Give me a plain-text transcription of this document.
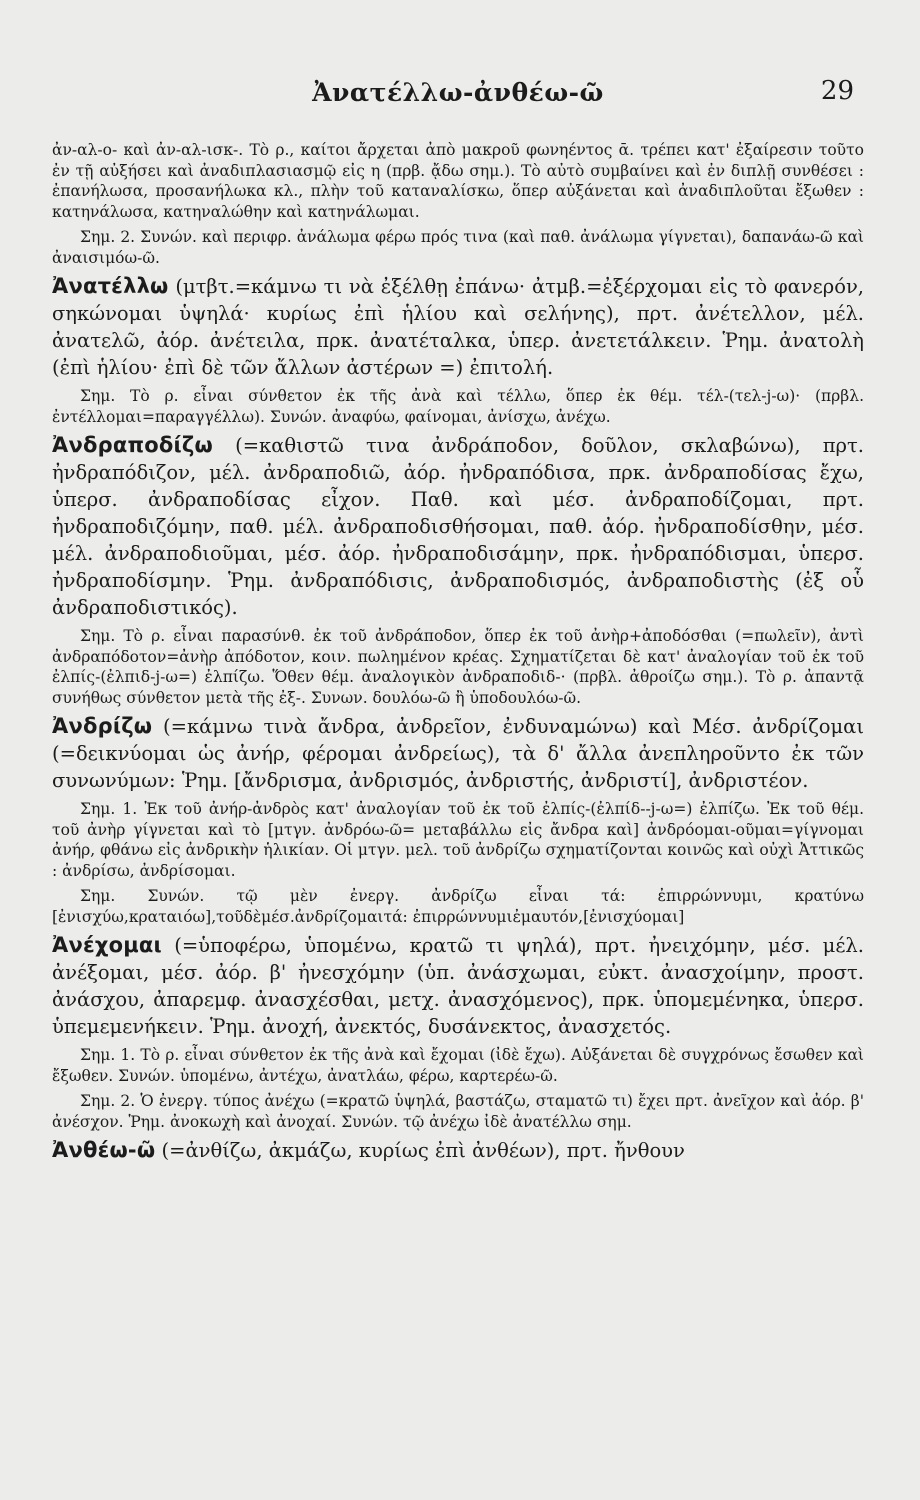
Ἀνατέλλω-ἀνθέω-ῶ	29

ἀν-αλ-ο- καὶ ἀν-αλ-ισκ-. Τὸ ρ., καίτοι ἄρχεται ἀπὸ μακροῦ φωνηέντος ᾱ. τρέπει κατ' ἐξαίρεσιν τοῦτο ἐν τῇ αὐξήσει καὶ ἀναδιπλασιασμῷ εἰς η (πρβ. ᾄδω σημ.). Τὸ αὐτὸ συμβαίνει καὶ ἐν διπλῇ συνθέσει : ἐπανήλωσα, προσανήλωκα κλ., πλὴν τοῦ καταναλίσκω, ὅπερ αὐξάνεται καὶ ἀναδιπλοῦται ἔξωθεν : κατηνάλωσα, κατηναλώθην καὶ κατηνάλωμαι.

Σημ. 2. Συνών. καὶ περιφρ. ἀνάλωμα φέρω πρός τινα (καὶ παθ. ἀνάλωμα γίγνεται), δαπανάω-ῶ καὶ ἀναισιμόω-ῶ.

Ἀνατέλλω (μτβτ.=κάμνω τι νὰ ἐξέλθῃ ἐπάνω· ἀτμβ.=ἐξέρχομαι εἰς τὸ φανερόν, σηκώνομαι ὑψηλά· κυρίως ἐπὶ ἡλίου καὶ σελήνης), πρτ. ἀνέτελλον, μέλ. ἀνατελῶ, ἀόρ. ἀνέτειλα, πρκ. ἀνατέταλκα, ὑπερ. ἀνετετάλκειν. Ῥημ. ἀνατολὴ (ἐπὶ ἡλίου· ἐπὶ δὲ τῶν ἄλλων ἀστέρων =) ἐπιτολή.

Σημ. Τὸ ρ. εἶναι σύνθετον ἐκ τῆς ἀνὰ καὶ τέλλω, ὅπερ ἐκ θέμ. τέλ-(τελ-j-ω)· (πρβλ. ἐντέλλομαι=παραγγέλλω). Συνών. ἀναφύω, φαίνομαι, ἀνίσχω, ἀνέχω.

Ἀνδραποδίζω (=καθιστῶ τινα ἀνδράποδον, δοῦλον, σκλαβώνω), πρτ. ἠνδραπόδιζον, μέλ. ἀνδραποδιῶ, ἀόρ. ἠνδραπόδισα, πρκ. ἀνδραποδίσας ἔχω, ὑπερσ. ἀνδραποδίσας εἶχον. Παθ. καὶ μέσ. ἀνδραποδίζομαι, πρτ. ἠνδραποδιζόμην, παθ. μέλ. ἀνδραποδισθήσομαι, παθ. ἀόρ. ἠνδραποδίσθην, μέσ. μέλ. ἀνδραποδιοῦμαι, μέσ. ἀόρ. ἠνδραποδισάμην, πρκ. ἠνδραπόδισμαι, ὑπερσ. ἠνδραποδίσμην. Ῥημ. ἀνδραπόδισις, ἀνδραποδισμός, ἀνδραποδιστὴς (ἐξ οὗ ἀνδραποδιστικός).

Σημ. Τὸ ρ. εἶναι παρασύνθ. ἐκ τοῦ ἀνδράποδον, ὅπερ ἐκ τοῦ ἀνὴρ+ἀποδόσθαι (=πωλεῖν), ἀντὶ ἀνδραπόδοτον=ἀνὴρ ἀπόδοτον, κοιν. πωλημένον κρέας. Σχηματίζεται δὲ κατ' ἀναλογίαν τοῦ ἐκ τοῦ ἐλπίς-(ἐλπιδ-j-ω=) ἐλπίζω. Ὅθεν θέμ. ἀναλογικὸν ἀνδραποδιδ-· (πρβλ. ἀθροίζω σημ.). Τὸ ρ. ἀπαντᾷ συνήθως σύνθετον μετὰ τῆς ἐξ-. Συνων. δουλόω-ῶ ἢ ὑποδουλόω-ῶ.

Ἀνδρίζω (=κάμνω τινὰ ἄνδρα, ἀνδρεῖον, ἐνδυναμώνω) καὶ Μέσ. ἀνδρίζομαι (=δεικνύομαι ὡς ἀνήρ, φέρομαι ἀνδρείως), τὰ δ' ἄλλα ἀνεπληροῦντο ἐκ τῶν συνωνύμων: Ῥημ. [ἄνδρισμα, ἀνδρισμός, ἀνδριστής, ἀνδριστί], ἀνδριστέον.

Σημ. 1. Ἐκ τοῦ ἀνήρ-ἀνδρὸς κατ' ἀναλογίαν τοῦ ἐκ τοῦ ἐλπίς-(ἐλπίδ--j-ω=) ἐλπίζω. Ἐκ τοῦ θέμ. τοῦ ἀνὴρ γίγνεται καὶ τὸ [μτγν. ἀνδρόω-ῶ= μεταβάλλω εἰς ἄνδρα καὶ] ἀνδρόομαι-οῦμαι=γίγνομαι ἀνήρ, φθάνω εἰς ἀνδρικὴν ἡλικίαν. Οἱ μτγν. μελ. τοῦ ἀνδρίζω σχηματίζονται κοινῶς καὶ οὐχὶ Ἀττικῶς : ἀνδρίσω, ἀνδρίσομαι.

Σημ. Συνών. τῷ μὲν ἐνεργ. ἀνδρίζω εἶναι τά: ἐπιρρώννυμι, κρατύνω [ἐνισχύω,κραταιόω],τοῦδὲμέσ.ἀνδρίζομαιτά: ἐπιρρώννυμιἐμαυτόν,[ἐνισχύομαι]

Ἀνέχομαι (=ὑποφέρω, ὑπομένω, κρατῶ τι ψηλά), πρτ. ἠνειχόμην, μέσ. μέλ. ἀνέξομαι, μέσ. ἀόρ. β' ἠνεσχόμην (ὑπ. ἀνάσχωμαι, εὐκτ. ἀνασχοίμην, προστ. ἀνάσχου, ἀπαρεμφ. ἀνασχέσθαι, μετχ. ἀνασχόμενος), πρκ. ὑπομεμένηκα, ὑπερσ. ὑπεμεμενήκειν. Ῥημ. ἀνοχή, ἀνεκτός, δυσάνεκτος, ἀνασχετός.

Σημ. 1. Τὸ ρ. εἶναι σύνθετον ἐκ τῆς ἀνὰ καὶ ἔχομαι (ἰδὲ ἔχω). Αὐξάνεται δὲ συγχρόνως ἔσωθεν καὶ ἔξωθεν. Συνών. ὑπομένω, ἀντέχω, ἀνατλάω, φέρω, καρτερέω-ῶ.

Σημ. 2. Ὁ ἐνεργ. τύπος ἀνέχω (=κρατῶ ὑψηλά, βαστάζω, σταματῶ τι) ἔχει πρτ. ἀνεῖχον καὶ ἀόρ. β' ἀνέσχον. Ῥημ. ἀνοκωχὴ καὶ ἀνοχαί. Συνών. τῷ ἀνέχω ἰδὲ ἀνατέλλω σημ.

Ἀνθέω-ῶ (=ἀνθίζω, ἀκμάζω, κυρίως ἐπὶ ἀνθέων), πρτ. ἤνθουν
